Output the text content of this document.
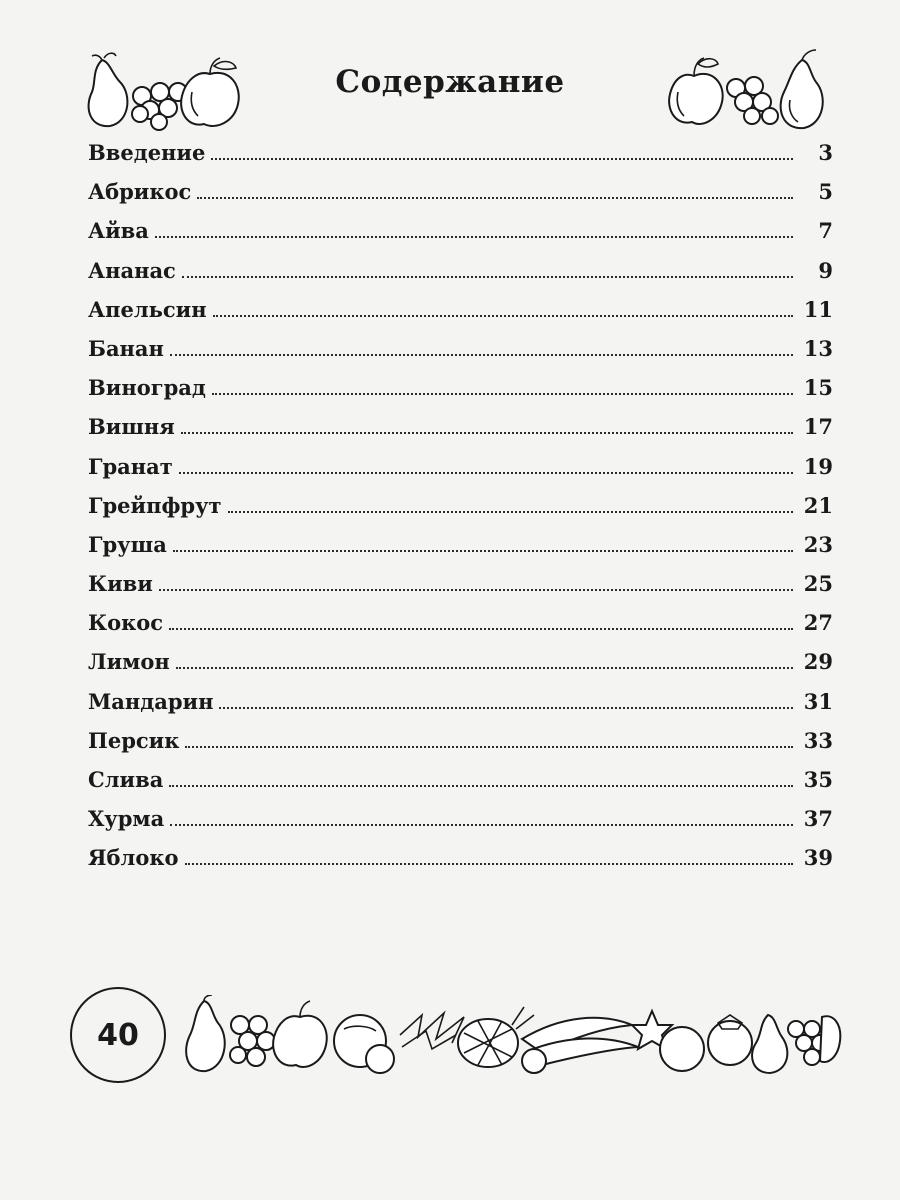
Содержание
Введение	3
Абрикос	5
Айва	7
Ананас	9
Апельсин	11
Банан	13
Виноград	15
Вишня	17
Гранат	19
Грейпфрут	21
Груша	23
Киви	25
Кокос	27
Лимон	29
Мандарин	31
Персик	33
Слива	35
Хурма	37
Яблоко	39
40
